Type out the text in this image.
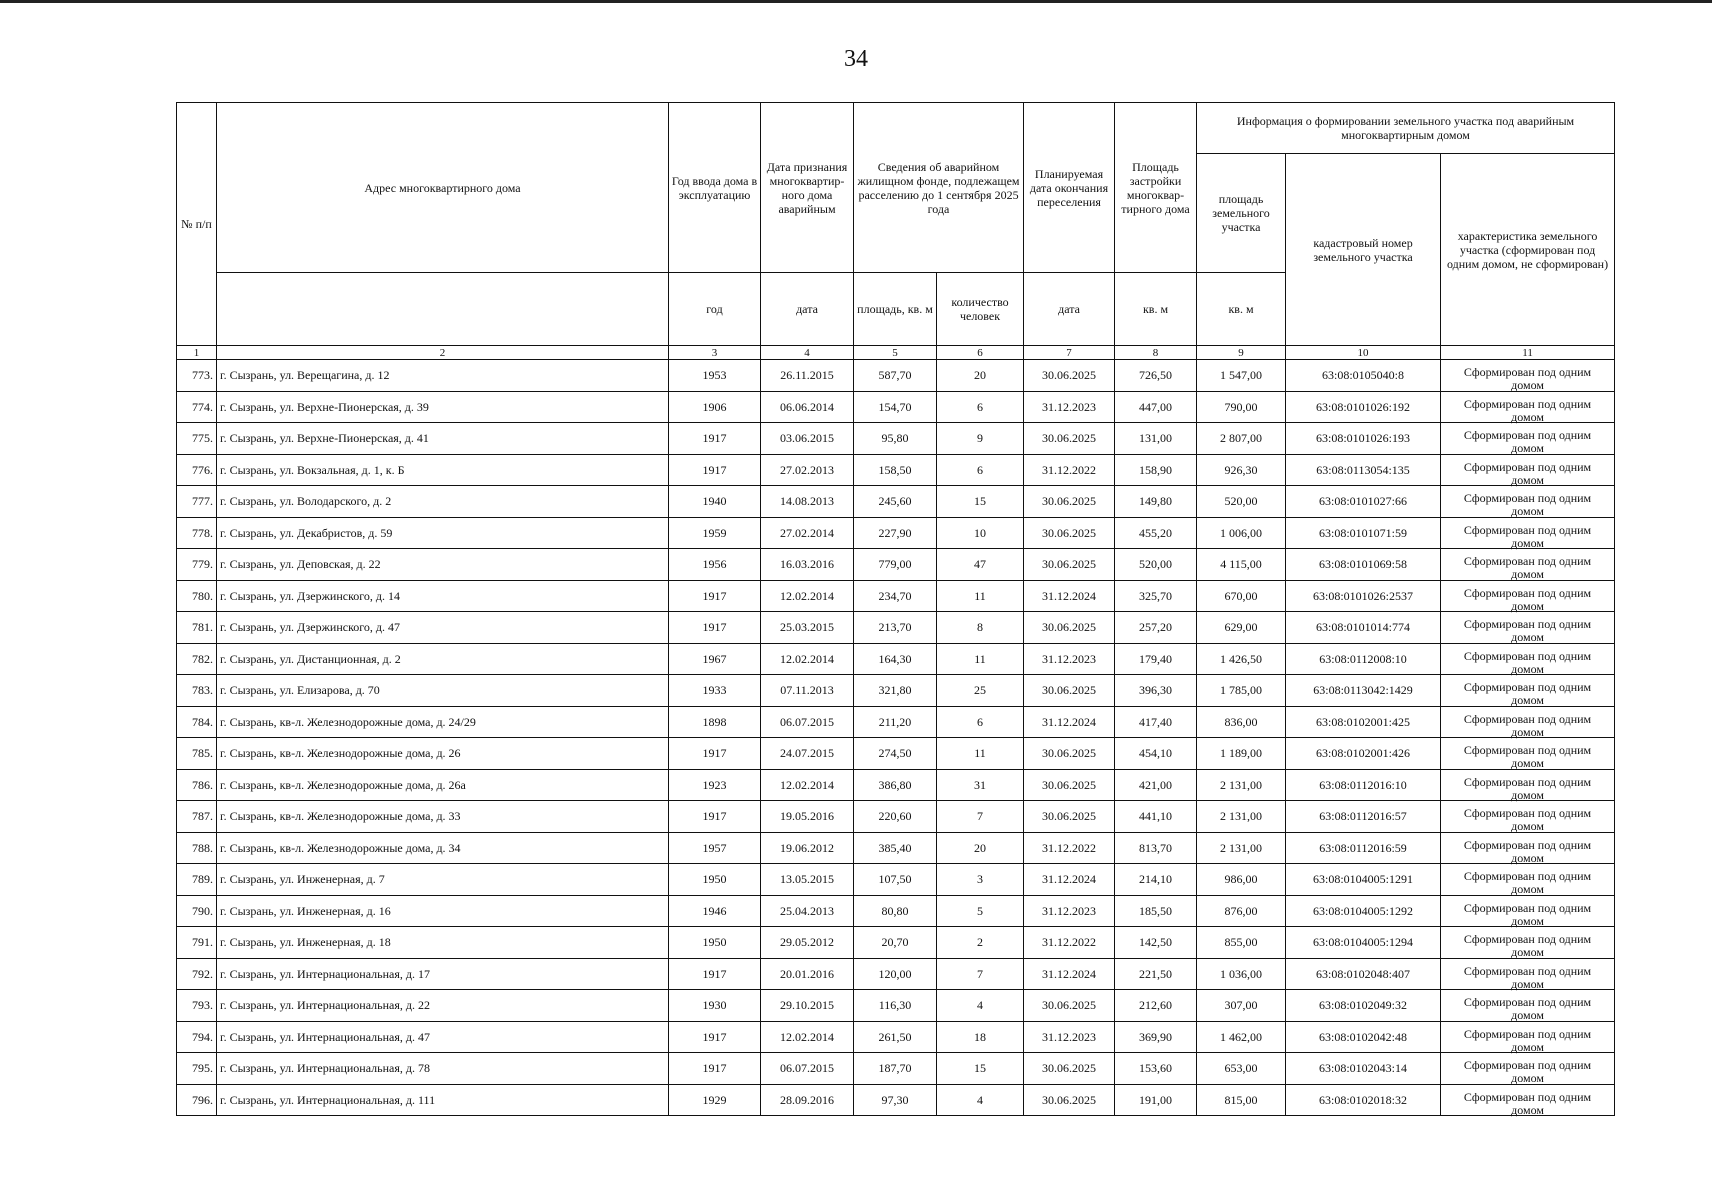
34
№ п/п	Адрес многоквартирного дома	Год ввода дома в эксплуатацию	Дата признания многоквартир-ного дома аварийным	Сведения об аварийном жилищном фонде, подлежащем расселению до 1 сентября 2025 года		Планируемая дата окончания переселения	Площадь застройки многоквар-тирного дома	Информация о формировании земельного участка под аварийным многоквартирным домом		
								площадь земельного участка	кадастровый номер земельного участка	характеристика земельного участка (сформирован под одним домом, не сформирован)
		год	дата	площадь, кв. м	количество человек	дата	кв. м	кв. м		
1	2	3	4	5	6	7	8	9	10	11
773.	г. Сызрань, ул. Верещагина, д. 12	1953	26.11.2015	587,70	20	30.06.2025	726,50	1 547,00	63:08:0105040:8	Сформирован под одним
домом

774.	г. Сызрань, ул. Верхне-Пионерская, д. 39	1906	06.06.2014	154,70	6	31.12.2023	447,00	790,00	63:08:0101026:192	Сформирован под одним
домом

775.	г. Сызрань, ул. Верхне-Пионерская, д. 41	1917	03.06.2015	95,80	9	30.06.2025	131,00	2 807,00	63:08:0101026:193	Сформирован под одним
домом

776.	г. Сызрань, ул. Вокзальная, д. 1, к. Б	1917	27.02.2013	158,50	6	31.12.2022	158,90	926,30	63:08:0113054:135	Сформирован под одним
домом

777.	г. Сызрань, ул. Володарского, д. 2	1940	14.08.2013	245,60	15	30.06.2025	149,80	520,00	63:08:0101027:66	Сформирован под одним
домом

778.	г. Сызрань, ул. Декабристов, д. 59	1959	27.02.2014	227,90	10	30.06.2025	455,20	1 006,00	63:08:0101071:59	Сформирован под одним
домом

779.	г. Сызрань, ул. Деповская, д. 22	1956	16.03.2016	779,00	47	30.06.2025	520,00	4 115,00	63:08:0101069:58	Сформирован под одним
домом

780.	г. Сызрань, ул. Дзержинского, д. 14	1917	12.02.2014	234,70	11	31.12.2024	325,70	670,00	63:08:0101026:2537	Сформирован под одним
домом

781.	г. Сызрань, ул. Дзержинского, д. 47	1917	25.03.2015	213,70	8	30.06.2025	257,20	629,00	63:08:0101014:774	Сформирован под одним
домом

782.	г. Сызрань, ул. Дистанционная, д. 2	1967	12.02.2014	164,30	11	31.12.2023	179,40	1 426,50	63:08:0112008:10	Сформирован под одним
домом

783.	г. Сызрань, ул. Елизарова, д. 70	1933	07.11.2013	321,80	25	30.06.2025	396,30	1 785,00	63:08:0113042:1429	Сформирован под одним
домом

784.	г. Сызрань, кв-л. Железнодорожные дома, д. 24/29	1898	06.07.2015	211,20	6	31.12.2024	417,40	836,00	63:08:0102001:425	Сформирован под одним
домом

785.	г. Сызрань, кв-л. Железнодорожные дома, д. 26	1917	24.07.2015	274,50	11	30.06.2025	454,10	1 189,00	63:08:0102001:426	Сформирован под одним
домом

786.	г. Сызрань, кв-л. Железнодорожные дома, д. 26а	1923	12.02.2014	386,80	31	30.06.2025	421,00	2 131,00	63:08:0112016:10	Сформирован под одним
домом

787.	г. Сызрань, кв-л. Железнодорожные дома, д. 33	1917	19.05.2016	220,60	7	30.06.2025	441,10	2 131,00	63:08:0112016:57	Сформирован под одним
домом

788.	г. Сызрань, кв-л. Железнодорожные дома, д. 34	1957	19.06.2012	385,40	20	31.12.2022	813,70	2 131,00	63:08:0112016:59	Сформирован под одним
домом

789.	г. Сызрань, ул. Инженерная, д. 7	1950	13.05.2015	107,50	3	31.12.2024	214,10	986,00	63:08:0104005:1291	Сформирован под одним
домом

790.	г. Сызрань, ул. Инженерная, д. 16	1946	25.04.2013	80,80	5	31.12.2023	185,50	876,00	63:08:0104005:1292	Сформирован под одним
домом

791.	г. Сызрань, ул. Инженерная, д. 18	1950	29.05.2012	20,70	2	31.12.2022	142,50	855,00	63:08:0104005:1294	Сформирован под одним
домом

792.	г. Сызрань, ул. Интернациональная, д. 17	1917	20.01.2016	120,00	7	31.12.2024	221,50	1 036,00	63:08:0102048:407	Сформирован под одним
домом

793.	г. Сызрань, ул. Интернациональная, д. 22	1930	29.10.2015	116,30	4	30.06.2025	212,60	307,00	63:08:0102049:32	Сформирован под одним
домом

794.	г. Сызрань, ул. Интернациональная, д. 47	1917	12.02.2014	261,50	18	31.12.2023	369,90	1 462,00	63:08:0102042:48	Сформирован под одним
домом

795.	г. Сызрань, ул. Интернациональная, д. 78	1917	06.07.2015	187,70	15	30.06.2025	153,60	653,00	63:08:0102043:14	Сформирован под одним
домом

796.	г. Сызрань, ул. Интернациональная, д. 111	1929	28.09.2016	97,30	4	30.06.2025	191,00	815,00	63:08:0102018:32	Сформирован под одним
домом
